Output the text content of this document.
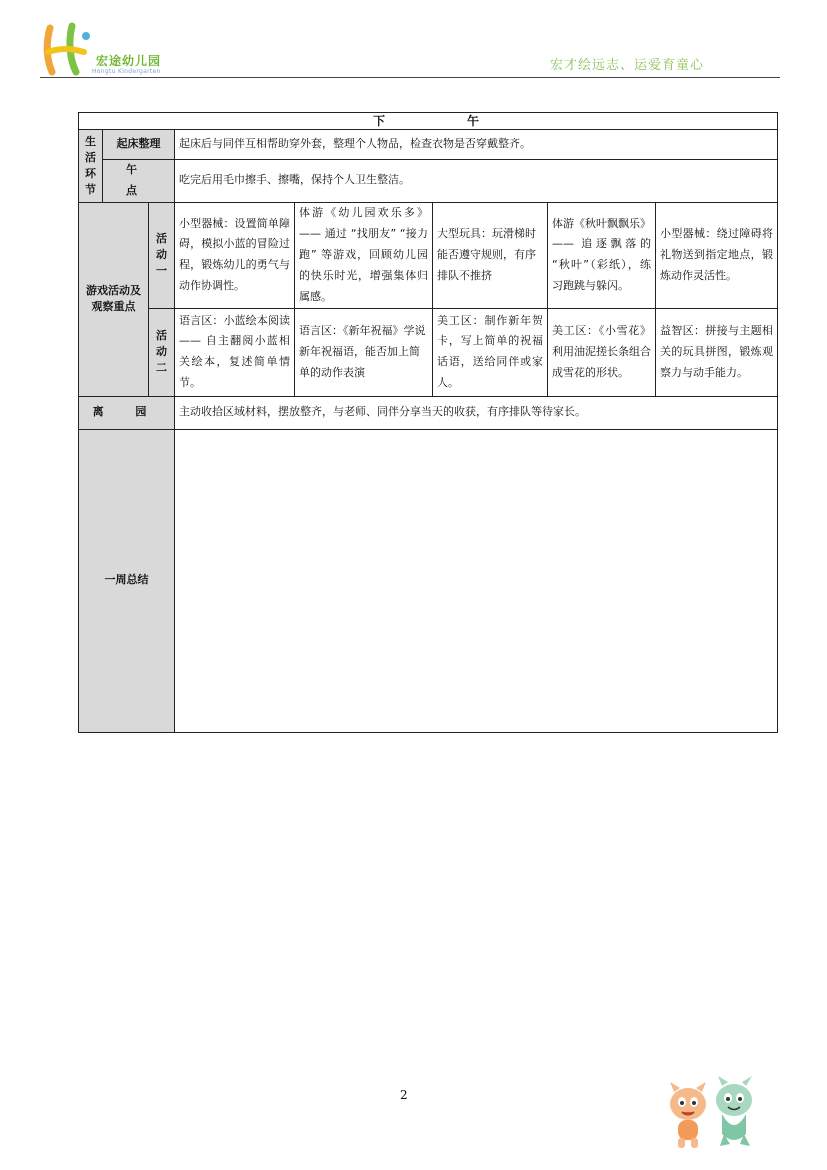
宏途幼儿园
Hongtu Kindergarten	宏才绘远志、运爱育童心
下 午							
生活环节	起床整理		起床后与同伴互相帮助穿外套，整理个人物品，检查衣物是否穿戴整齐。				
	午 点		吃完后用毛巾擦手、擦嘴，保持个人卫生整洁。				
游戏活动及观察重点		活动一	小型器械：设置简单障碍，模拟小蓝的冒险过程，锻炼幼儿的勇气与动作协调性。	体游《幼儿园欢乐多》—— 通过 “找朋友” “接力跑” 等游戏，回顾幼儿园的快乐时光，增强集体归属感。	大型玩具：玩滑梯时能否遵守规则，有序排队不推挤	体游《秋叶飘飘乐》—— 追逐飘落的 “秋叶”（彩纸），练习跑跳与躲闪。	小型器械：绕过障碍将礼物送到指定地点，锻炼动作灵活性。
		活动二	语言区：小蓝绘本阅读 —— 自主翻阅小蓝相关绘本，复述简单情节。	语言区：《新年祝福》学说新年祝福语，能否加上简单的动作表演	美工区：制作新年贺卡，写上简单的祝福话语，送给同伴或家人。	美工区：《小雪花》利用油泥搓长条组合成雪花的形状。	益智区：拼接与主题相关的玩具拼图，锻炼观察力与动手能力。
离 园			主动收拾区域材料，摆放整齐，与老师、同伴分享当天的收获，有序排队等待家长。				
一周总结							
2
